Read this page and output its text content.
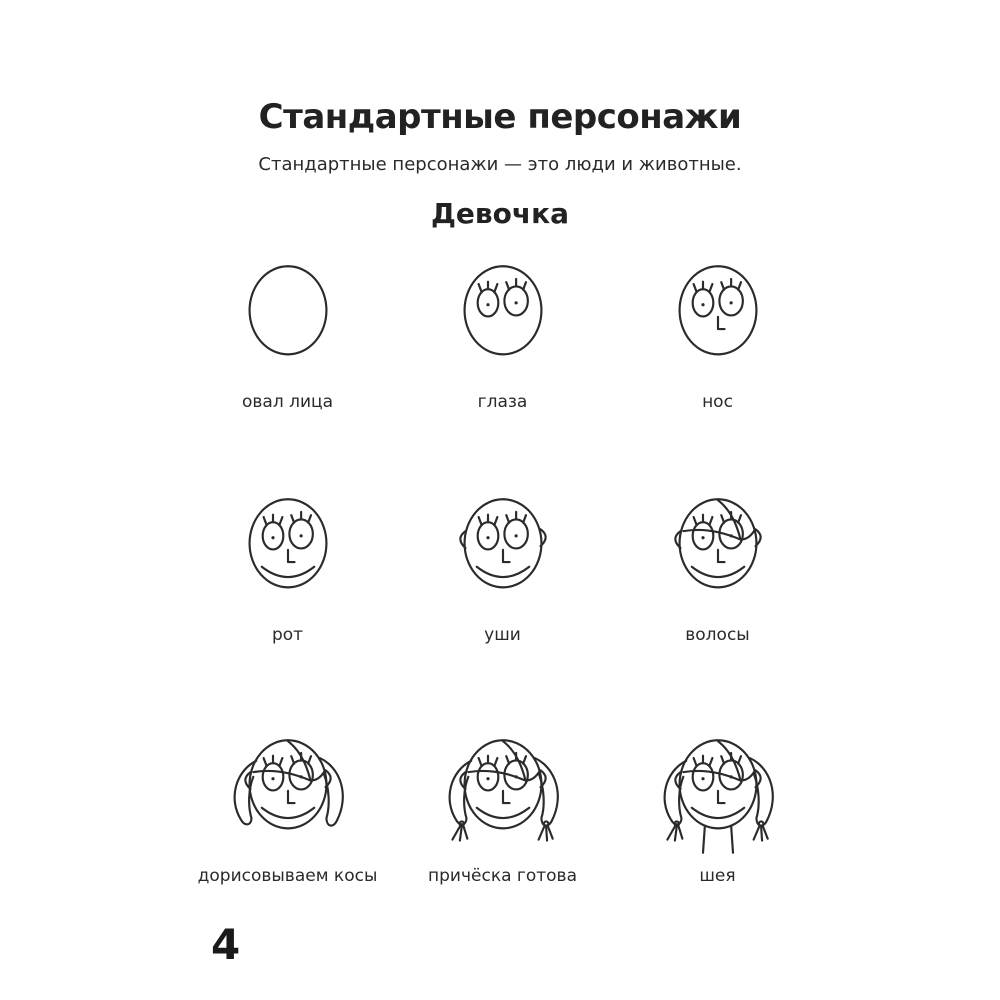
Стандартные персонажи

Стандартные персонажи — это люди и животные.

Девочка
овал лица	глаза	нос
рот	уши	волосы
дорисовываем косы	причёска готова	шея
4
